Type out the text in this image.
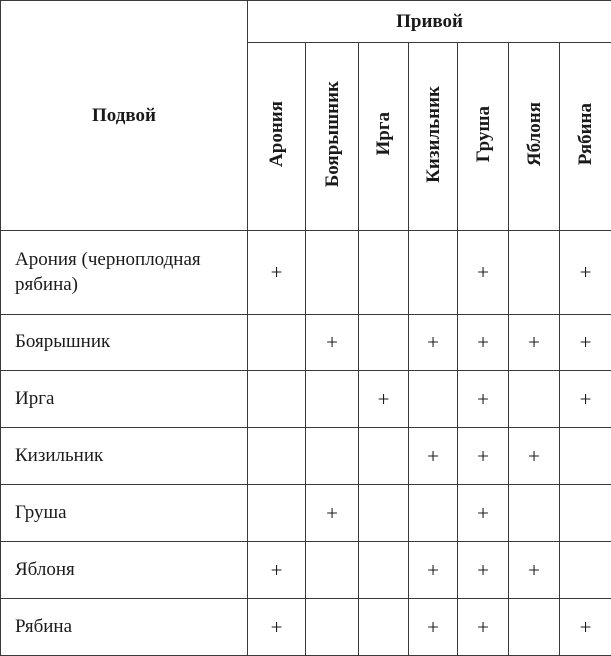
Подвой	Привой						
	Арония	Боярышник	Ирга	Кизильник	Груша	Яблоня	Рябина
Арония (черноплодная рябина)	+				+		+
Боярышник		+		+	+	+	+
Ирга			+		+		+
Кизильник				+	+	+	
Груша		+			+		
Яблоня	+			+	+	+	
Рябина	+			+	+		+
